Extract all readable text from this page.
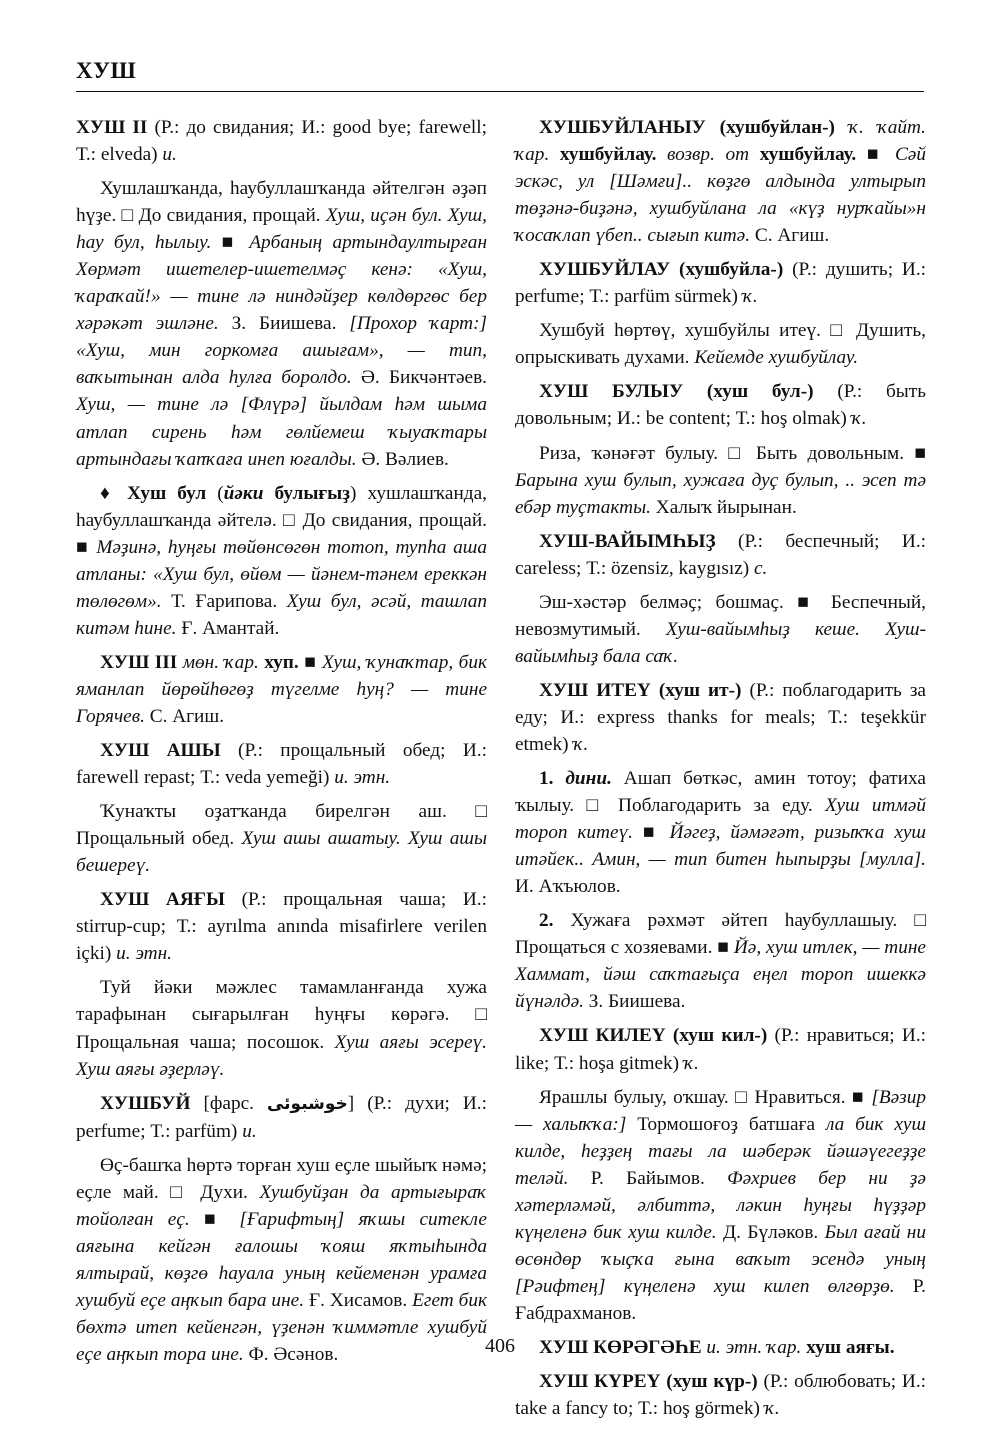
ХУШ

ХУШ II (Р.: до свидания; И.: good bye; farewell; Т.: elveda) и.

Хушлашҡанда, һаубуллашҡанда әйтелгән әҙәп һүҙе. □ До свидания, прощай. Хуш, иҫән бул. Хуш, һау бул, һылыу. ■ Арбаның артындаултырған Хөрмәт ишетелер-ишетелмәҫ кенә: «Хуш, ҡараҡай!» — тине лә ниндәйҙер көлдөргөс бер хәрәкәт эшләне. З. Биишева. [Прохор ҡарт:] «Хуш, мин горкомға ашығам», — тип, ваҡытынан алда һулға боролдо. Ә. Бикчәнтәев. Хуш, — тине лә [Флүрә] йылдам һәм шыма атлап сирень һәм гөлйемеш ҡыуаҡтары артындағы ҡапҡаға инеп юғалды. Ә. Вәлиев.

♦ Хуш бул (йәки булығыҙ) хушлашҡанда, һаубуллашҡанда әйтелә. □ До свидания, прощай. ■ Мәҙинә, һуңғы төйөнсөгөн тотоп, тупһа аша атланы: «Хуш бул, өйөм — йәнем-тәнем ереккән төлөгөм». Т. Ғарипова. Хуш бул, әсәй, ташлап китәм һине. Ғ. Амантай.

ХУШ III мөн. ҡар. хуп. ■ Хуш, ҡунаҡтар, бик яманлап йөрөйһөгөҙ түгелме һуң? — тине Горячев. С. Агиш.

ХУШ АШЫ (Р.: прощальный обед; И.: farewell repast; Т.: veda yemeği) и. этн.

Ҡунаҡты оҙатҡанда бирелгән аш. □ Прощальный обед. Хуш ашы ашатыу. Хуш ашы бешереү.

ХУШ АЯҒЫ (Р.: прощальная чаша; И.: stirrup-cup; Т.: ayrılma anında misafirlere verilen içki) и. этн.

Туй йәки мәжлес тамамланғанда хужа тарафынан сығарылған һуңғы көрәгә. □ Прощальная чаша; посошок. Хуш аяғы эсереү. Хуш аяғы әҙерләү.

ХУШБУЙ [фарс. خوشبوئی] (Р.: духи; И.: perfume; Т.: parfüm) и.

Өҫ-башҡа һөртә торған хуш еҫле шыйыҡ нәмә; еҫле май. □ Духи. Хушбуйҙан да артығыраҡ тойолған еҫ. ■ [Ғарифтың] яҡшы ситекле аяғына кейгән ғалошы ҡояш яҡтыһында ялтырай, көҙгө һауала уның кейеменән урамға хушбуй еҫе аңҡып бара ине. Ғ. Хисамов. Егет бик бөхтә итеп кейенгән, үҙенән ҡиммәтле хушбуй еҫе аңҡып тора ине. Ф. Әсәнов.

ХУШБУЙЛАНЫУ (хушбуйлан-) ҡ. ҡайт. ҡар. хушбуйлау. возвр. от хушбуйлау. ■ Сәй эскәс, ул [Шәмғи].. көҙгө алдында ултырып төҙәнә-биҙәнә, хушбуйлана ла «күҙ нурҡайы»н ҡосаҡлап үбеп.. сығып китә. С. Агиш.

ХУШБУЙЛАУ (хушбуйла-) (Р.: душить; И.: perfume; Т.: parfüm sürmek) ҡ.

Хушбуй һөртөү, хушбуйлы итеү. □ Душить, опрыскивать духами. Кейемде хушбуйлау.

ХУШ БУЛЫУ (хуш бул-) (Р.: быть довольным; И.: be content; Т.: hoş olmak) ҡ.

Риза, ҡәнәғәт булыу. □ Быть довольным. ■ Барына хуш булып, хужаға дуҫ булып, .. эсеп тә ебәр туҫтакты. Халыҡ йырынан.

ХУШ-ВАЙЫМҺЫҘ (Р.: беспечный; И.: careless; Т.: özensiz, kaygısız) с.

Эш-хәстәр белмәҫ; бошмаҫ. ■ Беспечный, невозмутимый. Хуш-вайымһыҙ кеше. Хуш-вайымһыҙ бала саҡ.

ХУШ ИТЕҮ (хуш ит-) (Р.: поблагодарить за еду; И.: express thanks for meals; Т.: teşekkür etmek) ҡ.

1. дини. Ашап бөткәс, амин тотоу; фатиха ҡылыу. □ Поблагодарить за еду. Хуш итмәй тороп китеү. ■ Йәгеҙ, йәмәғәт, ризыҡҡа хуш итәйек.. Амин, — тип битен һыпырҙы [мулла]. И. Аҡъюлов.

2. Хужаға рәхмәт әйтеп һаубуллашыу. □ Прощаться с хозяевами. ■ Йә, хуш итлек, — тине Хаммат, йәш саҡтағыҫа еңел тороп ишеккә йүнәлдә. З. Биишева.

ХУШ КИЛЕҮ (хуш кил-) (Р.: нравиться; И.: like; Т.: hoşa gitmek) ҡ.

Ярашлы булыу, оҡшау. □ Нравиться. ■ [Вәзир — халыҡҡа:] Тормошоғоҙ батшаға ла бик хуш килдe, һеҙҙең тағы ла шәберәк йәшәүегеҙҙе теләй. Р. Байымов. Фәхриев бер ни ҙә хәтерләмәй, әлбиттә, ләкин һуңғы һүҙҙәр күңеленә бик хуш килде. Д. Бүләков. Был ағай ни өсөндөр ҡыҫҡа ғына ваҡыт эсендә уның [Рәифтең] күңеленә хуш килеп өлгөрҙө. Р. Ғабдрахманов.

ХУШ КӨРӘГӘҺЕ и. этн. ҡар. хуш аяғы.

ХУШ КҮРЕҮ (хуш күр-) (Р.: облюбовать; И.: take a fancy to; Т.: hoş görmek) ҡ.

406
